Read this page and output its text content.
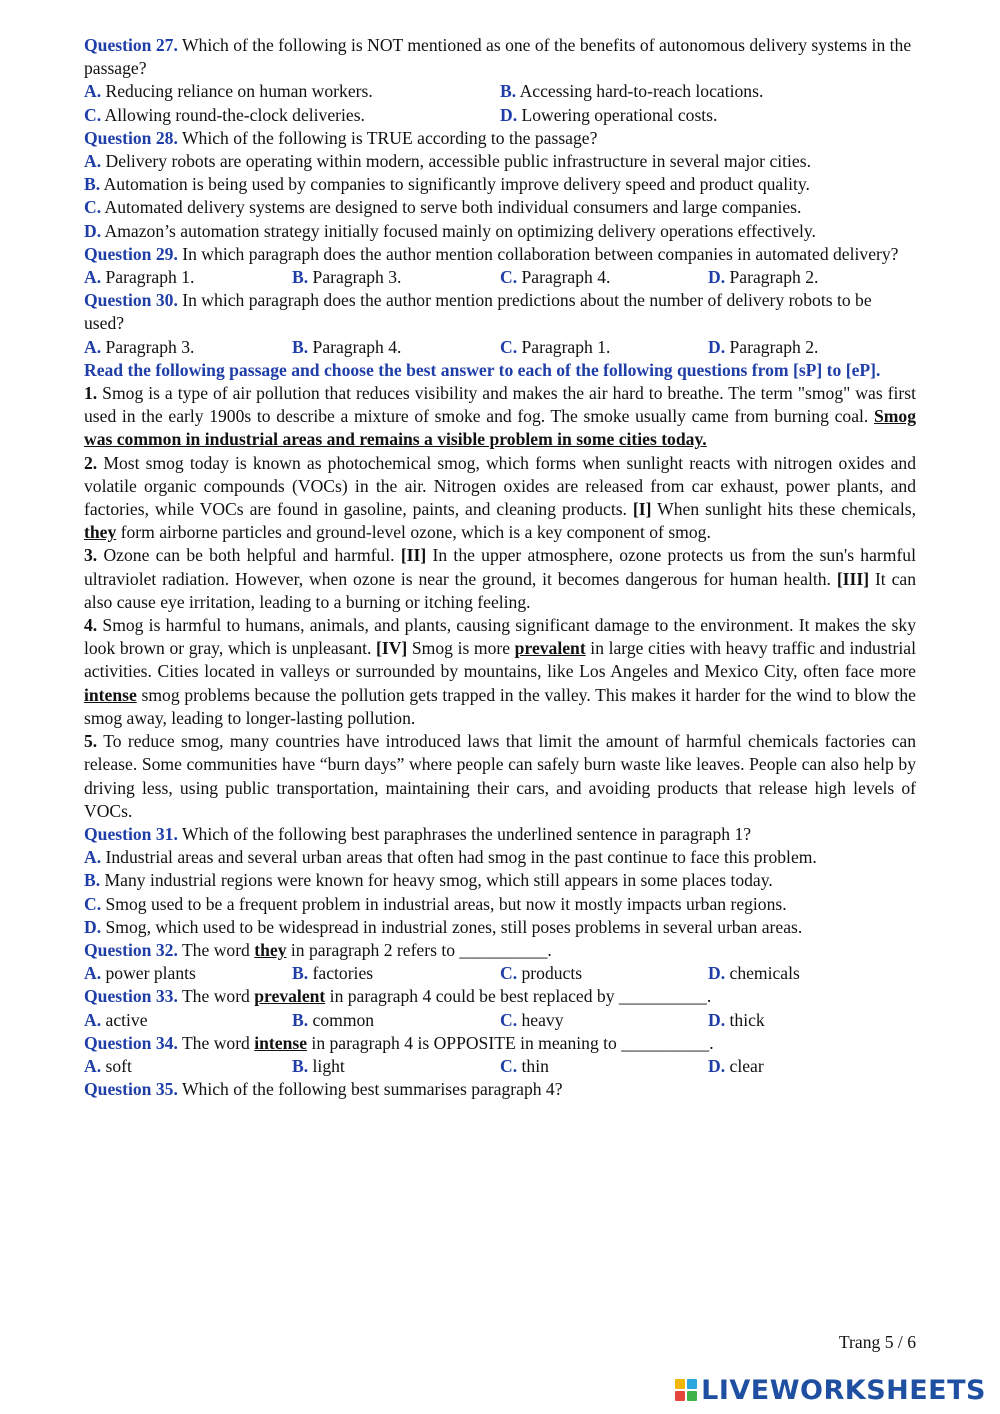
Question 27. Which of the following is NOT mentioned as one of the benefits of autonomous delivery systems in the passage?

A. Reducing reliance on human workers.	B. Accessing hard-to-reach locations.
C. Allowing round-the-clock deliveries.	D. Lowering operational costs.

Question 28. Which of the following is TRUE according to the passage?

A. Delivery robots are operating within modern, accessible public infrastructure in several major cities.

B. Automation is being used by companies to significantly improve delivery speed and product quality.

C. Automated delivery systems are designed to serve both individual consumers and large companies.

D. Amazon’s automation strategy initially focused mainly on optimizing delivery operations effectively.

Question 29. In which paragraph does the author mention collaboration between companies in automated delivery?

A. Paragraph 1.	B. Paragraph 3.	C. Paragraph 4.	D. Paragraph 2.

Question 30. In which paragraph does the author mention predictions about the number of delivery robots to be used?

A. Paragraph 3.	B. Paragraph 4.	C. Paragraph 1.	D. Paragraph 2.

Read the following passage and choose the best answer to each of the following questions from [sP] to [eP].

1. Smog is a type of air pollution that reduces visibility and makes the air hard to breathe. The term "smog" was first used in the early 1900s to describe a mixture of smoke and fog. The smoke usually came from burning coal. Smog was common in industrial areas and remains a visible problem in some cities today.

2. Most smog today is known as photochemical smog, which forms when sunlight reacts with nitrogen oxides and volatile organic compounds (VOCs) in the air. Nitrogen oxides are released from car exhaust, power plants, and factories, while VOCs are found in gasoline, paints, and cleaning products. [I] When sunlight hits these chemicals, they form airborne particles and ground-level ozone, which is a key component of smog.

3. Ozone can be both helpful and harmful. [II] In the upper atmosphere, ozone protects us from the sun's harmful ultraviolet radiation. However, when ozone is near the ground, it becomes dangerous for human health. [III] It can also cause eye irritation, leading to a burning or itching feeling.

4. Smog is harmful to humans, animals, and plants, causing significant damage to the environment. It makes the sky look brown or gray, which is unpleasant. [IV] Smog is more prevalent in large cities with heavy traffic and industrial activities. Cities located in valleys or surrounded by mountains, like Los Angeles and Mexico City, often face more intense smog problems because the pollution gets trapped in the valley. This makes it harder for the wind to blow the smog away, leading to longer-lasting pollution.

5. To reduce smog, many countries have introduced laws that limit the amount of harmful chemicals factories can release. Some communities have “burn days” where people can safely burn waste like leaves. People can also help by driving less, using public transportation, maintaining their cars, and avoiding products that release high levels of VOCs.

Question 31. Which of the following best paraphrases the underlined sentence in paragraph 1?

A. Industrial areas and several urban areas that often had smog in the past continue to face this problem.

B. Many industrial regions were known for heavy smog, which still appears in some places today.

C. Smog used to be a frequent problem in industrial areas, but now it mostly impacts urban regions.

D. Smog, which used to be widespread in industrial zones, still poses problems in several urban areas.

Question 32. The word they in paragraph 2 refers to __________.

A. power plants	B. factories	C. products	D. chemicals

Question 33. The word prevalent in paragraph 4 could be best replaced by __________.

A. active	B. common	C. heavy	D. thick

Question 34. The word intense in paragraph 4 is OPPOSITE in meaning to __________.

A. soft	B. light	C. thin	D. clear

Question 35. Which of the following best summarises paragraph 4?

Trang 5 / 6
LIVEWORKSHEETS
